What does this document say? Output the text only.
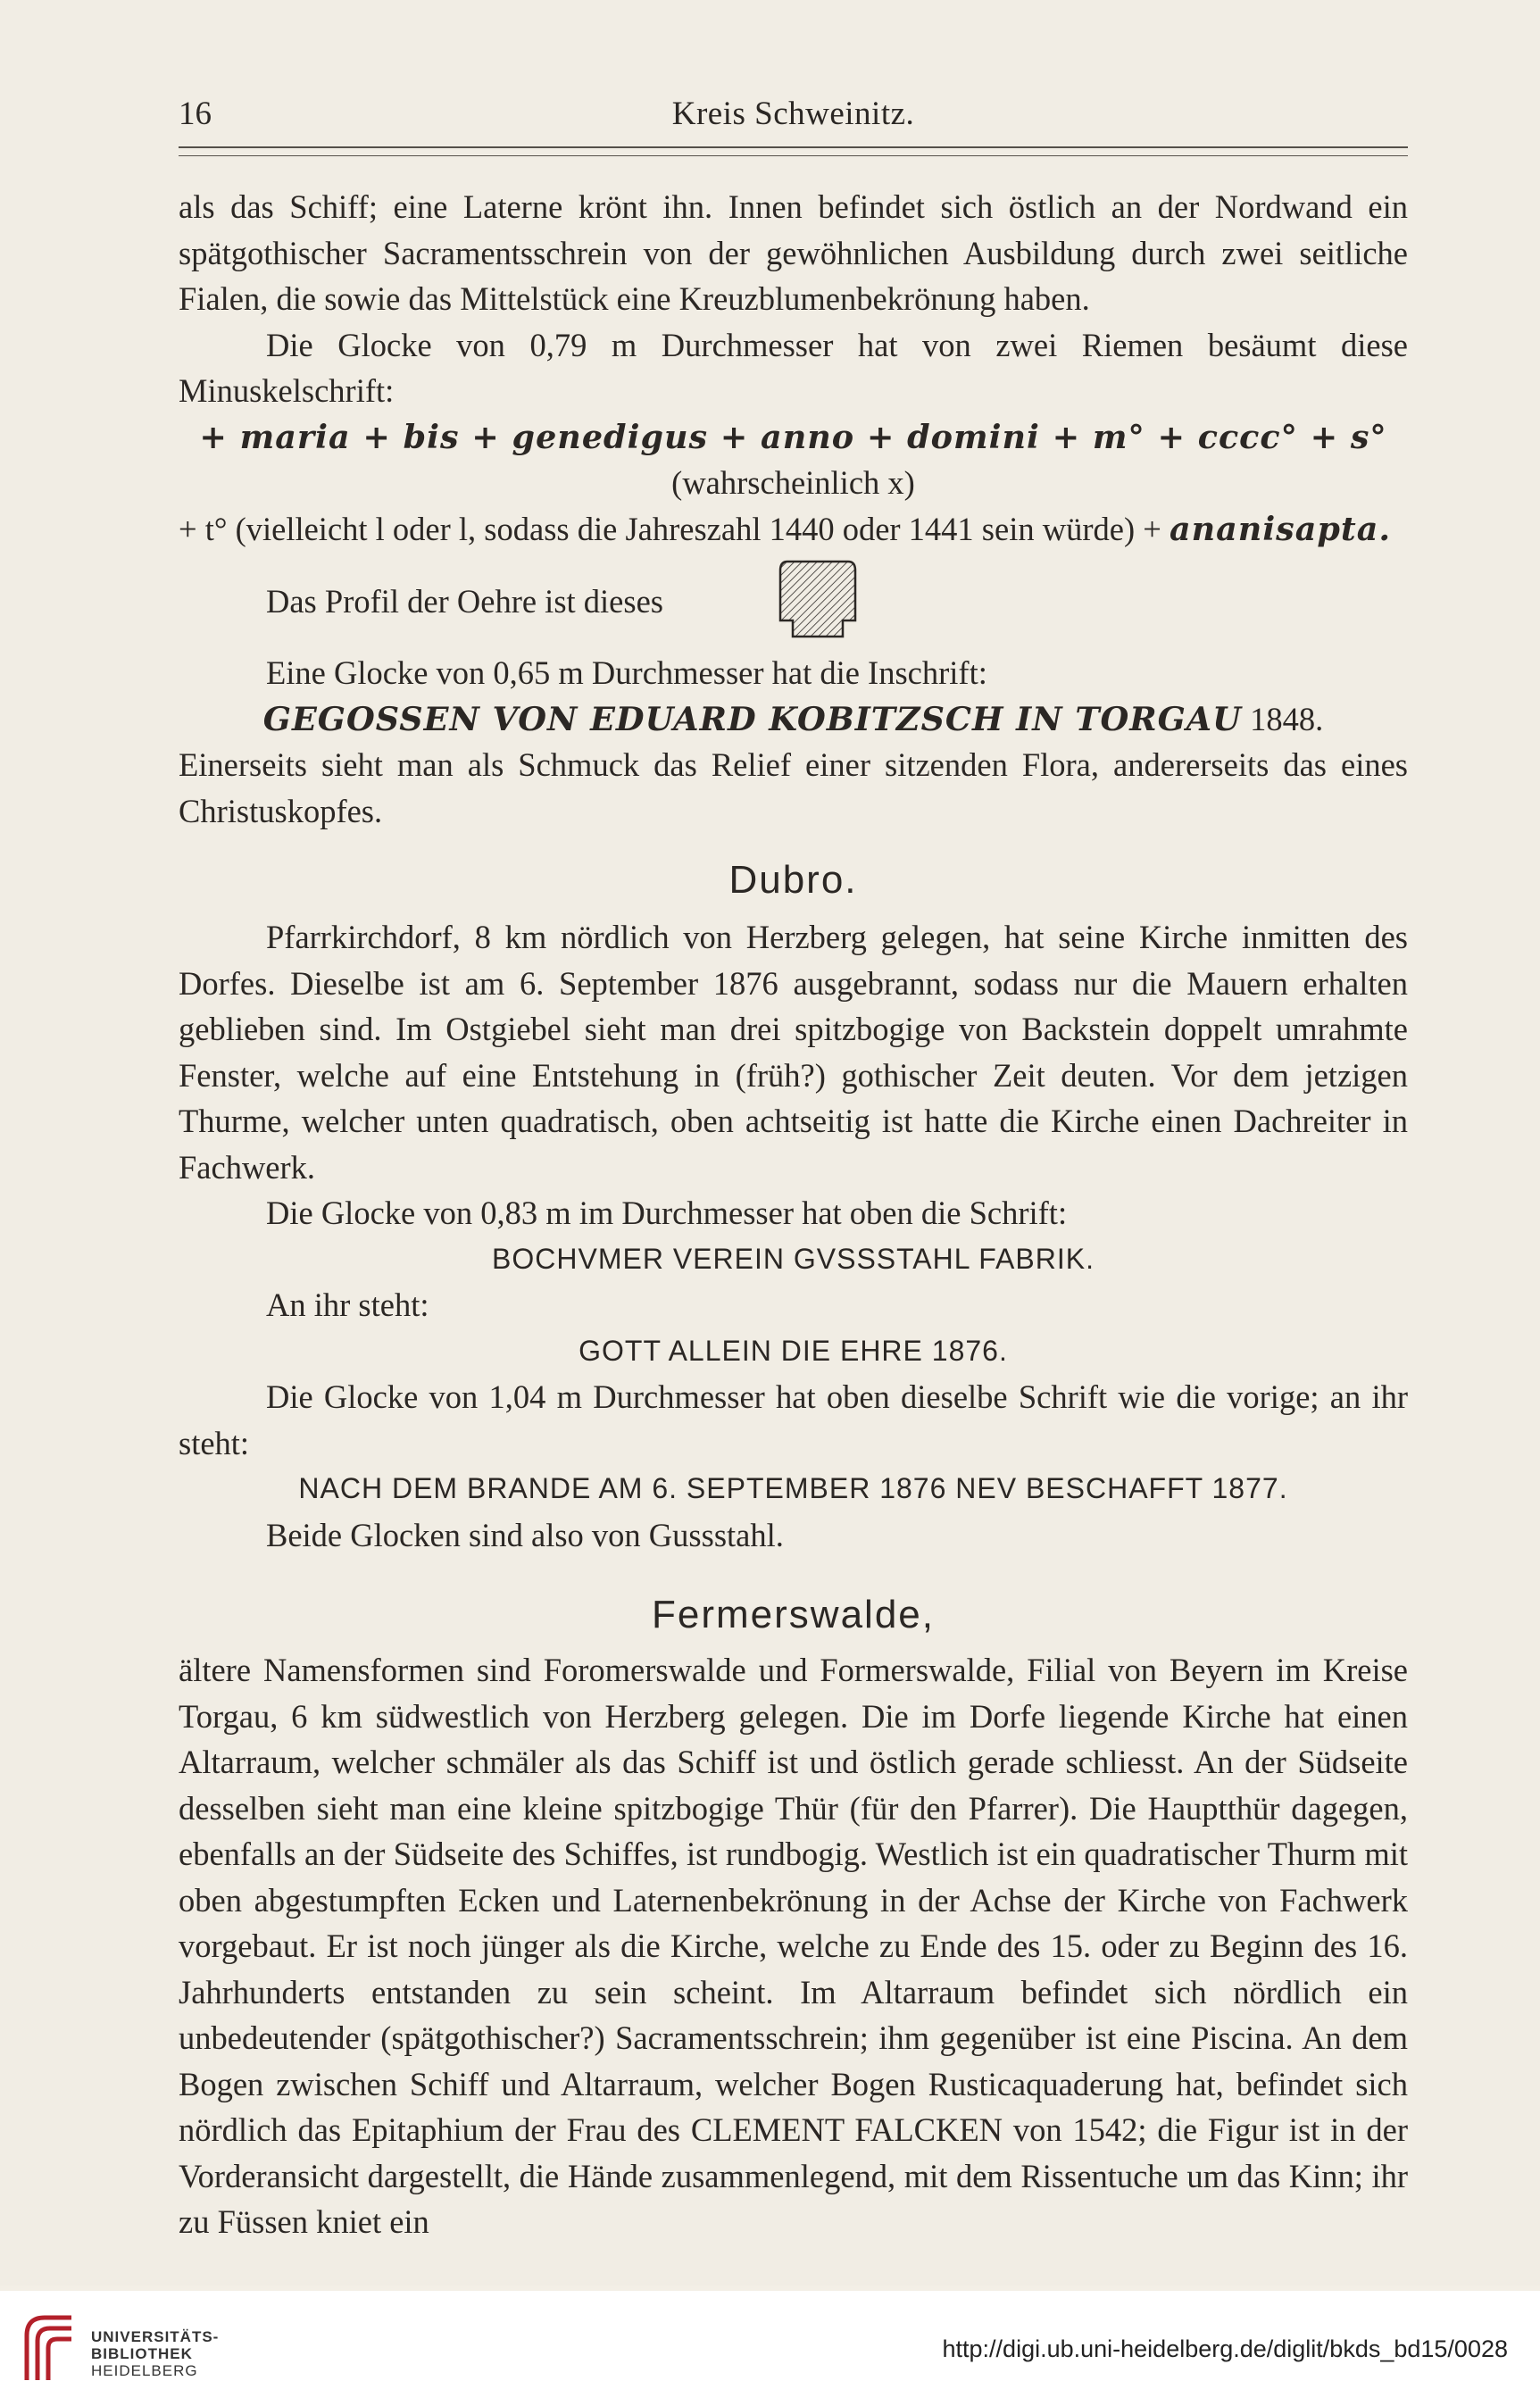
16	Kreis Schweinitz.

als das Schiff; eine Laterne krönt ihn. Innen befindet sich östlich an der Nordwand ein spätgothischer Sacramentsschrein von der gewöhnlichen Ausbildung durch zwei seitliche Fialen, die sowie das Mittelstück eine Kreuzblumenbekrönung haben.

Die Glocke von 0,79 m Durchmesser hat von zwei Riemen besäumt diese Minuskelschrift:

+ maria + bis + genedigus + anno + domini + m° + cccc° + s° (wahrscheinlich x)

+ t° (vielleicht l oder l, sodass die Jahreszahl 1440 oder 1441 sein würde) + ananisapta.

Das Profil der Oehre ist dieses

Eine Glocke von 0,65 m Durchmesser hat die Inschrift:

GEGOSSEN VON EDUARD KOBITZSCH IN TORGAU 1848.

Einerseits sieht man als Schmuck das Relief einer sitzenden Flora, andererseits das eines Christuskopfes.

Dubro.

Pfarrkirchdorf, 8 km nördlich von Herzberg gelegen, hat seine Kirche inmitten des Dorfes. Dieselbe ist am 6. September 1876 ausgebrannt, sodass nur die Mauern erhalten geblieben sind. Im Ostgiebel sieht man drei spitzbogige von Backstein doppelt umrahmte Fenster, welche auf eine Entstehung in (früh?) gothischer Zeit deuten. Vor dem jetzigen Thurme, welcher unten quadratisch, oben achtseitig ist hatte die Kirche einen Dachreiter in Fachwerk.

Die Glocke von 0,83 m im Durchmesser hat oben die Schrift:

BOCHVMER VEREIN GVSSSTAHL FABRIK.

An ihr steht:

GOTT ALLEIN DIE EHRE 1876.

Die Glocke von 1,04 m Durchmesser hat oben dieselbe Schrift wie die vorige; an ihr steht:

NACH DEM BRANDE AM 6. SEPTEMBER 1876 NEV BESCHAFFT 1877.

Beide Glocken sind also von Gussstahl.

Fermerswalde,

ältere Namensformen sind Foromerswalde und Formerswalde, Filial von Beyern im Kreise Torgau, 6 km südwestlich von Herzberg gelegen. Die im Dorfe liegende Kirche hat einen Altarraum, welcher schmäler als das Schiff ist und östlich gerade schliesst. An der Südseite desselben sieht man eine kleine spitzbogige Thür (für den Pfarrer). Die Hauptthür dagegen, ebenfalls an der Südseite des Schiffes, ist rundbogig. Westlich ist ein quadratischer Thurm mit oben abgestumpften Ecken und Laternenbekrönung in der Achse der Kirche von Fachwerk vorgebaut. Er ist noch jünger als die Kirche, welche zu Ende des 15. oder zu Beginn des 16. Jahrhunderts entstanden zu sein scheint. Im Altarraum befindet sich nördlich ein unbedeutender (spätgothischer?) Sacramentsschrein; ihm gegenüber ist eine Piscina. An dem Bogen zwischen Schiff und Altarraum, welcher Bogen Rusticaquaderung hat, befindet sich nördlich das Epitaphium der Frau des CLEMENT FALCKEN von 1542; die Figur ist in der Vorderansicht dargestellt, die Hände zusammenlegend, mit dem Rissentuche um das Kinn; ihr zu Füssen kniet ein

UNIVERSITÄTS-
BIBLIOTHEK
HEIDELBERG
http://digi.ub.uni-heidelberg.de/diglit/bkds_bd15/0028
